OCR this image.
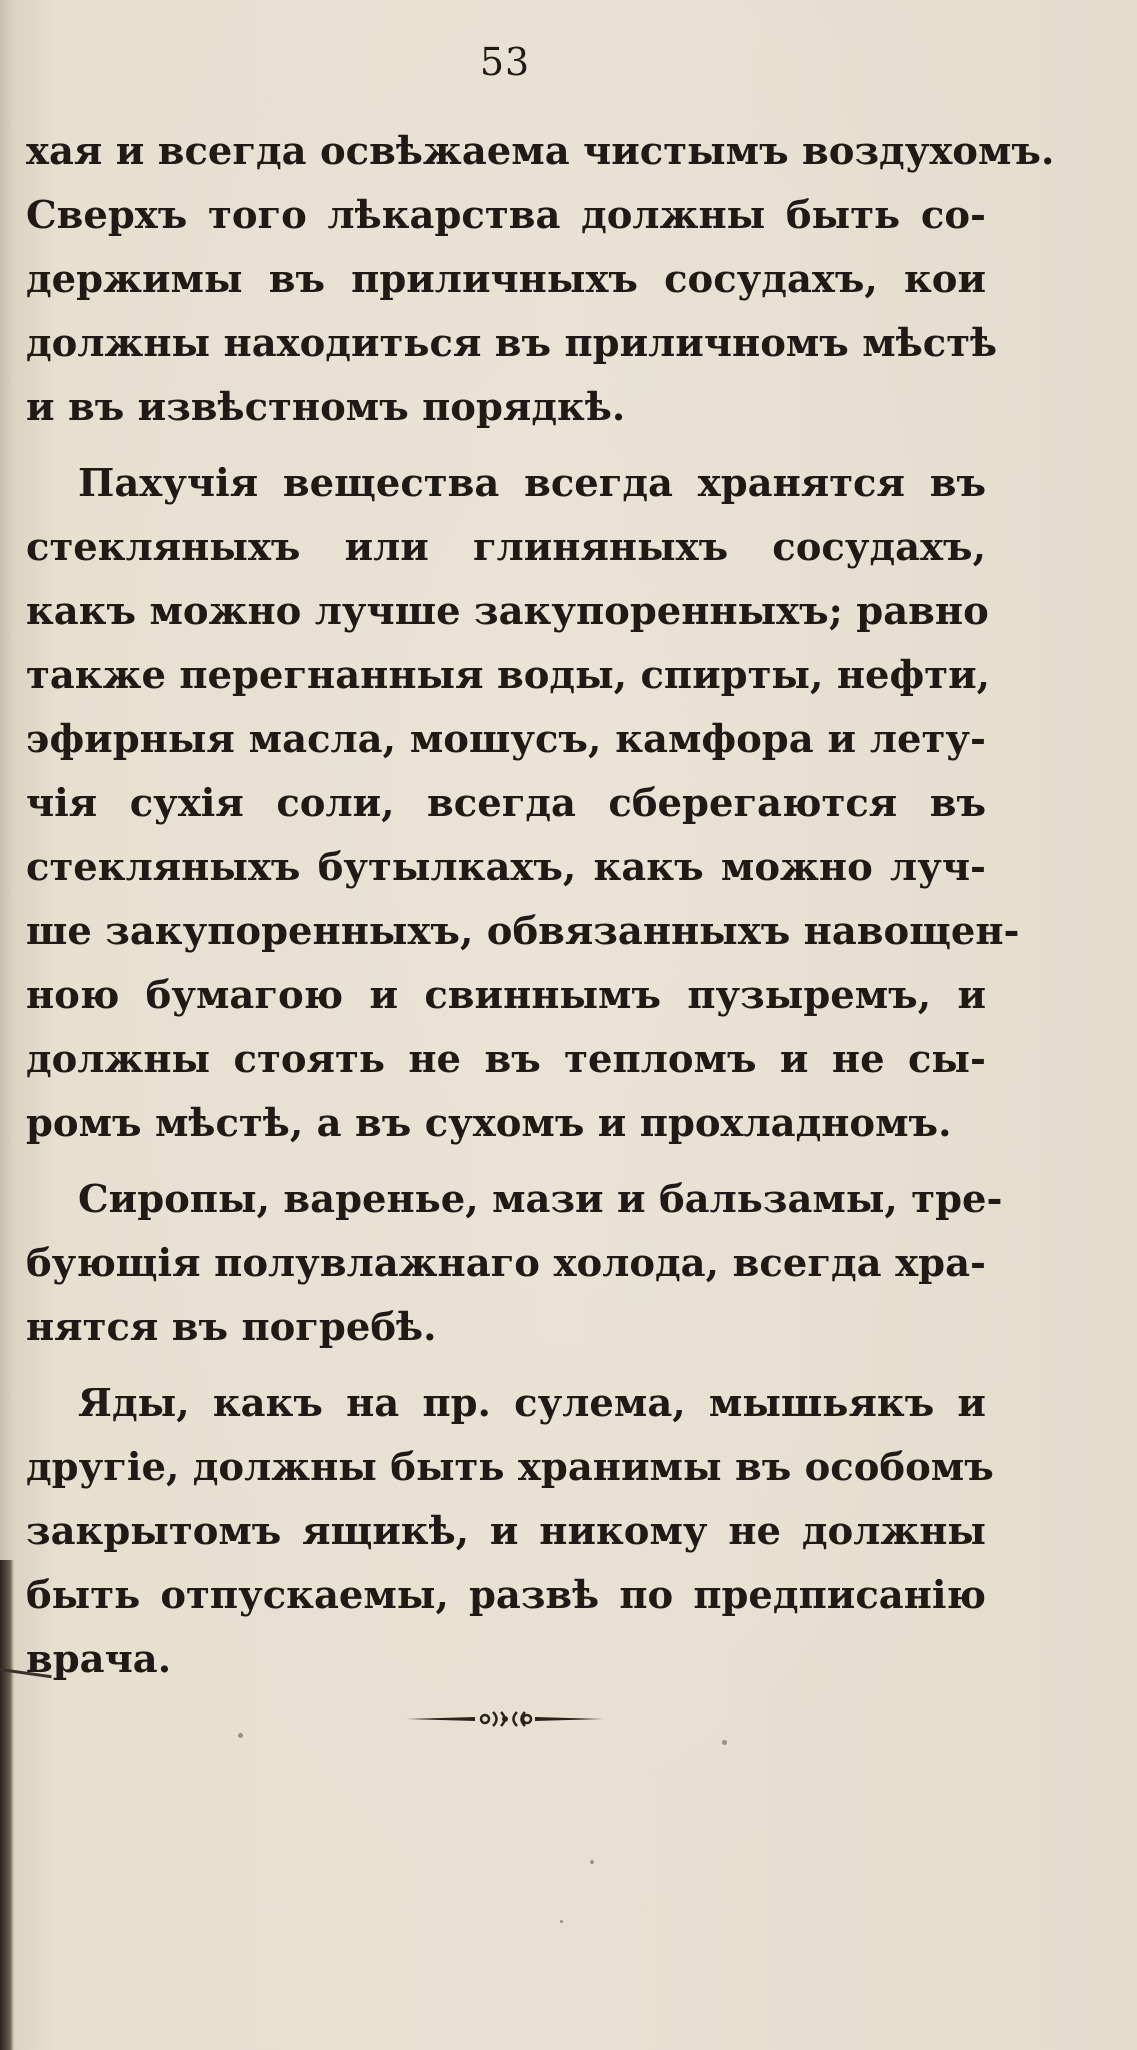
53
хая и всегда освѣжаема чистымъ воздухомъ.
Сверхъ того лѣкарства должны быть со-
держимы въ приличныхъ сосудахъ, кои
должны находиться въ приличномъ мѣстѣ
и въ извѣстномъ порядкѣ.
Пахучія вещества всегда хранятся въ
стекляныхъ или глиняныхъ сосудахъ,
какъ можно лучше закупоренныхъ; равно
также перегнанныя воды, спирты, нефти,
эфирныя масла, мошусъ, камфора и лету-
чія сухія соли, всегда сберегаются въ
стекляныхъ бутылкахъ, какъ можно луч-
ше закупоренныхъ, обвязанныхъ навощен-
ною бумагою и свиннымъ пузыремъ, и
должны стоять не въ тепломъ и не сы-
ромъ мѣстѣ, а въ сухомъ и прохладномъ.
Сиропы, варенье, мази и бальзамы, тре-
бующія полувлажнаго холода, всегда хра-
нятся въ погребѣ.
Яды, какъ на пр. сулема, мышьякъ и
другіе, должны быть хранимы въ особомъ
закрытомъ ящикѣ, и никому не должны
быть отпускаемы, развѣ по предписанію
врача.
